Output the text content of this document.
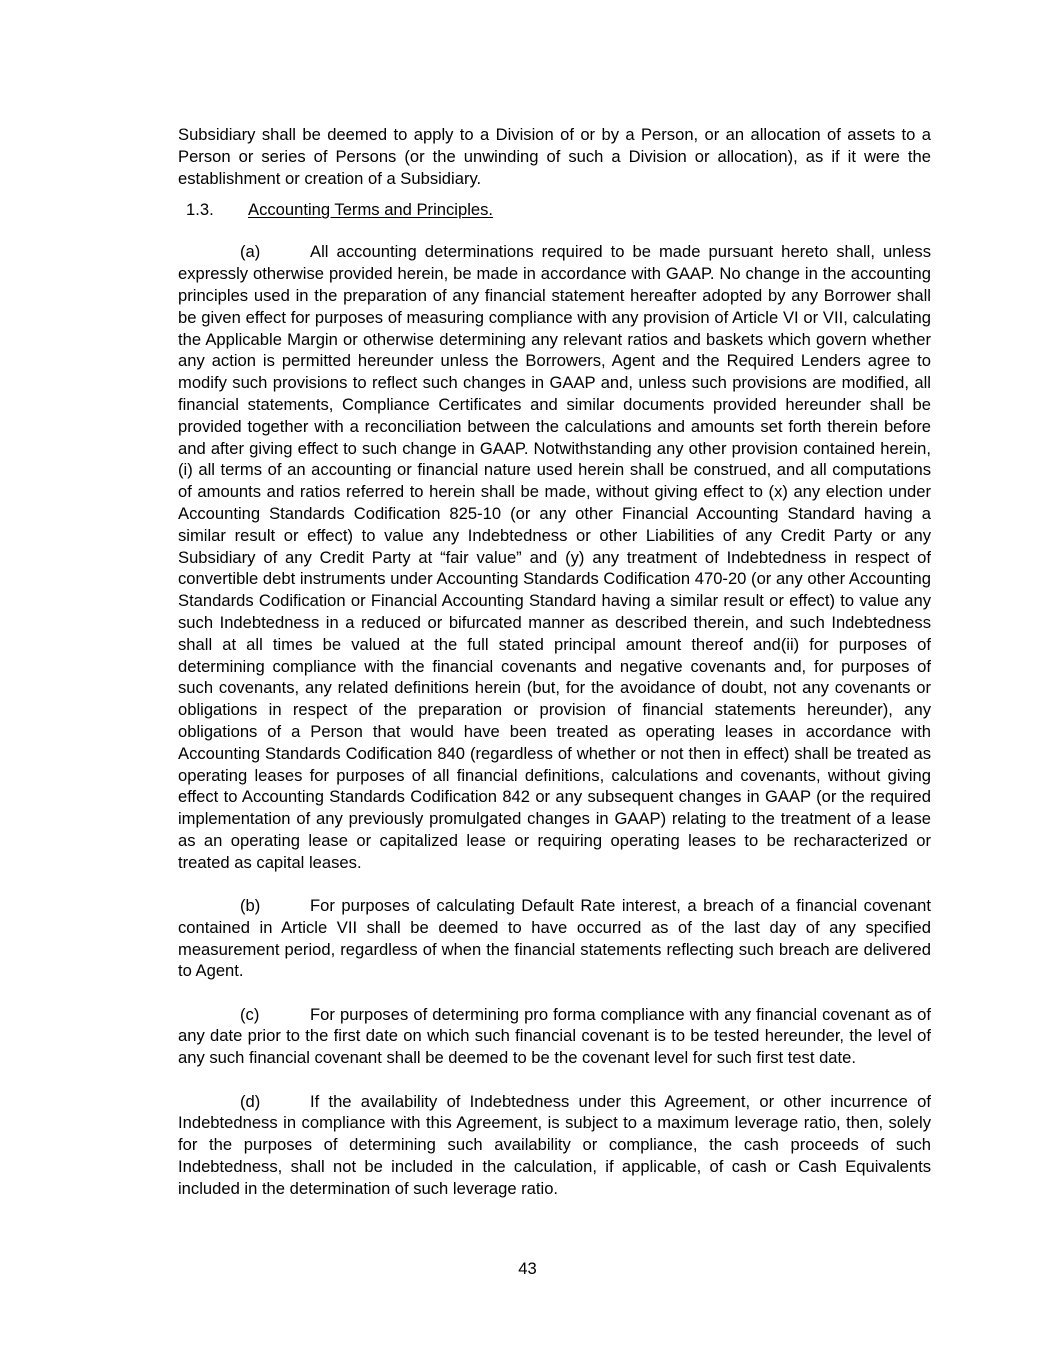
Subsidiary shall be deemed to apply to a Division of or by a Person, or an allocation of assets to a Person or series of Persons (or the unwinding of such a Division or allocation), as if it were the establishment or creation of a Subsidiary.

1.3. Accounting Terms and Principles.

(a)	All accounting determinations required to be made pursuant hereto shall, unless expressly otherwise provided herein, be made in accordance with GAAP. No change in the accounting principles used in the preparation of any financial statement hereafter adopted by any Borrower shall be given effect for purposes of measuring compliance with any provision of Article VI or VII, calculating the Applicable Margin or otherwise determining any relevant ratios and baskets which govern whether any action is permitted hereunder unless the Borrowers, Agent and the Required Lenders agree to modify such provisions to reflect such changes in GAAP and, unless such provisions are modified, all financial statements, Compliance Certificates and similar documents provided hereunder shall be provided together with a reconciliation between the calculations and amounts set forth therein before and after giving effect to such change in GAAP. Notwithstanding any other provision contained herein, (i) all terms of an accounting or financial nature used herein shall be construed, and all computations of amounts and ratios referred to herein shall be made, without giving effect to (x) any election under Accounting Standards Codification 825-10 (or any other Financial Accounting Standard having a similar result or effect) to value any Indebtedness or other Liabilities of any Credit Party or any Subsidiary of any Credit Party at “fair value” and (y) any treatment of Indebtedness in respect of convertible debt instruments under Accounting Standards Codification 470-20 (or any other Accounting Standards Codification or Financial Accounting Standard having a similar result or effect) to value any such Indebtedness in a reduced or bifurcated manner as described therein, and such Indebtedness shall at all times be valued at the full stated principal amount thereof and(ii) for purposes of determining compliance with the financial covenants and negative covenants and, for purposes of such covenants, any related definitions herein (but, for the avoidance of doubt, not any covenants or obligations in respect of the preparation or provision of financial statements hereunder), any obligations of a Person that would have been treated as operating leases in accordance with Accounting Standards Codification 840 (regardless of whether or not then in effect) shall be treated as operating leases for purposes of all financial definitions, calculations and covenants, without giving effect to Accounting Standards Codification 842 or any subsequent changes in GAAP (or the required implementation of any previously promulgated changes in GAAP) relating to the treatment of a lease as an operating lease or capitalized lease or requiring operating leases to be recharacterized or treated as capital leases.

(b)	For purposes of calculating Default Rate interest, a breach of a financial covenant contained in Article VII shall be deemed to have occurred as of the last day of any specified measurement period, regardless of when the financial statements reflecting such breach are delivered to Agent.

(c)	For purposes of determining pro forma compliance with any financial covenant as of any date prior to the first date on which such financial covenant is to be tested hereunder, the level of any such financial covenant shall be deemed to be the covenant level for such first test date.

(d)	If the availability of Indebtedness under this Agreement, or other incurrence of Indebtedness in compliance with this Agreement, is subject to a maximum leverage ratio, then, solely for the purposes of determining such availability or compliance, the cash proceeds of such Indebtedness, shall not be included in the calculation, if applicable, of cash or Cash Equivalents included in the determination of such leverage ratio.

43
